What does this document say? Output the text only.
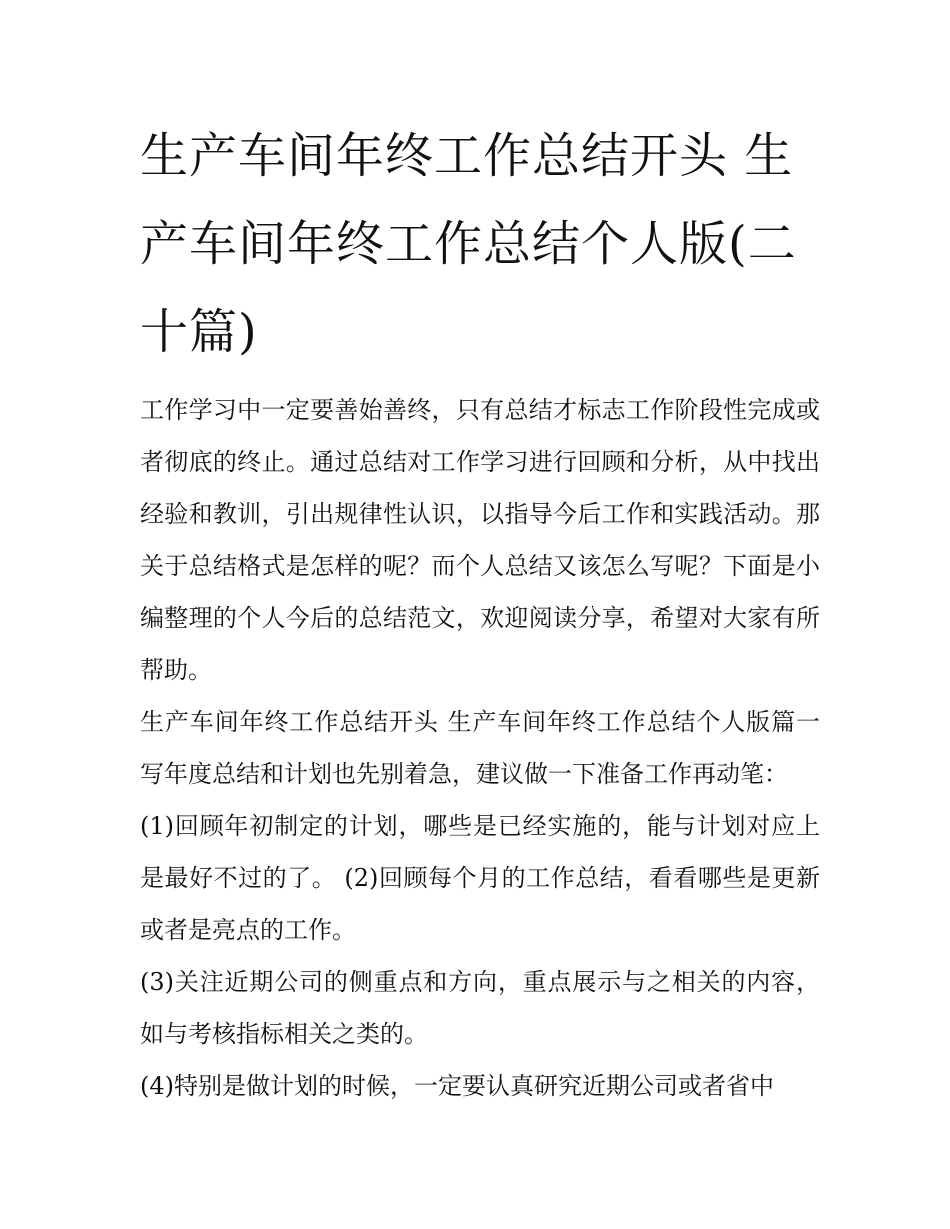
生产车间年终工作总结开头 生产车间年终工作总结个人版(二十篇)

工作学习中一定要善始善终，只有总结才标志工作阶段性完成或者彻底的终止。通过总结对工作学习进行回顾和分析，从中找出经验和教训，引出规律性认识，以指导今后工作和实践活动。那关于总结格式是怎样的呢？而个人总结又该怎么写呢？下面是小编整理的个人今后的总结范文，欢迎阅读分享，希望对大家有所帮助。

生产车间年终工作总结开头 生产车间年终工作总结个人版篇一 写年度总结和计划也先别着急，建议做一下准备工作再动笔：

(1)回顾年初制定的计划，哪些是已经实施的，能与计划对应上是最好不过的了。 (2)回顾每个月的工作总结，看看哪些是更新或者是亮点的工作。

(3)关注近期公司的侧重点和方向，重点展示与之相关的内容，如与考核指标相关之类的。

(4)特别是做计划的时候，一定要认真研究近期公司或者省中
